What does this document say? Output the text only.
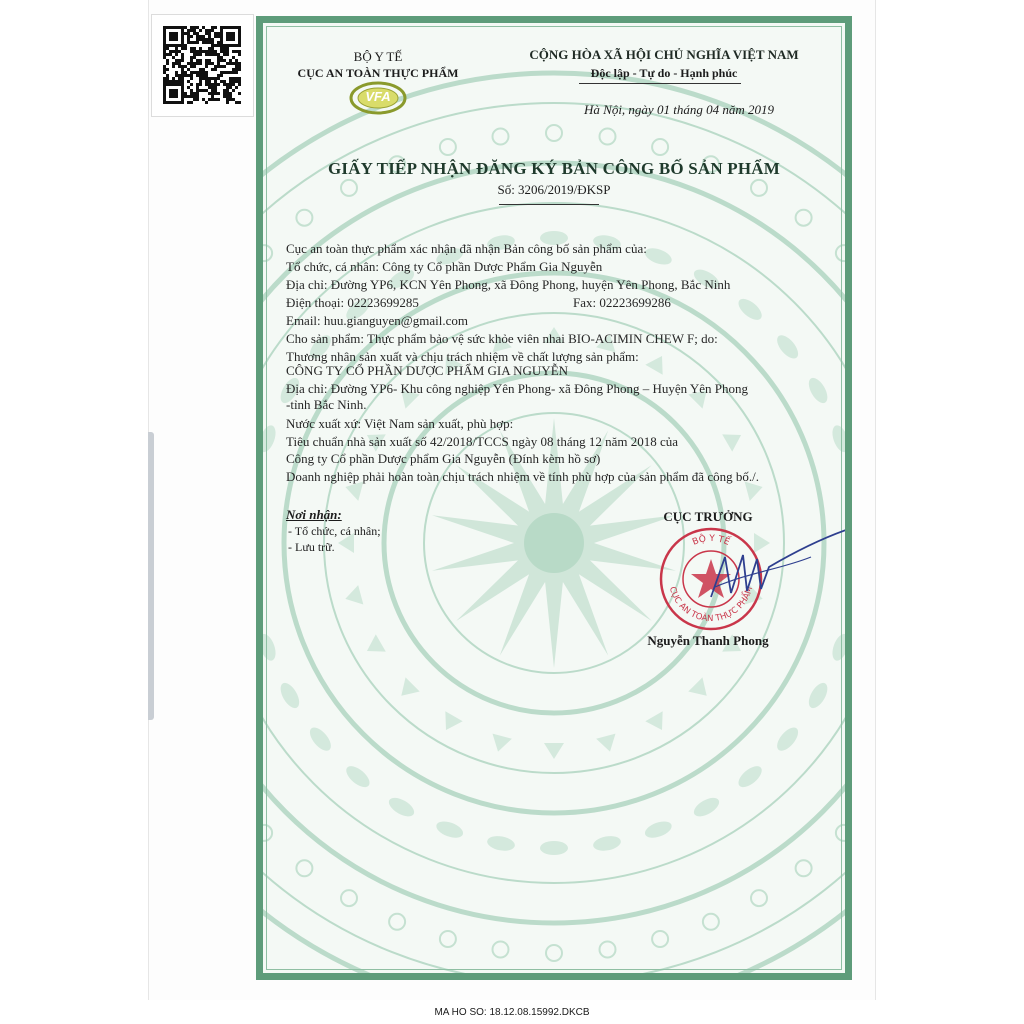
BỘ Y TẾ
CỤC AN TOÀN THỰC PHẨM
VFA
CỘNG HÒA XÃ HỘI CHỦ NGHĨA VIỆT NAM
Độc lập - Tự do - Hạnh phúc
Hà Nội, ngày 01 tháng 04 năm 2019
GIẤY TIẾP NHẬN ĐĂNG KÝ BẢN CÔNG BỐ SẢN PHẨM
Số: 3206/2019/ĐKSP
Cục an toàn thực phẩm xác nhận đã nhận Bản công bố sản phẩm của:
Tổ chức, cá nhân: Công ty Cổ phần Dược Phẩm Gia Nguyễn
Địa chỉ: Đường YP6, KCN Yên Phong, xã Đông Phong, huyện Yên Phong, Bắc Ninh
Điện thoại: 02223699285	Fax: 02223699286
Email: huu.gianguyen@gmail.com
Cho sản phẩm: Thực phẩm bảo vệ sức khỏe viên nhai BIO-ACIMIN CHEW F; do:
Thương nhân sản xuất và chịu trách nhiệm về chất lượng sản phẩm:
CÔNG TY CỔ PHẦN DƯỢC PHẨM GIA NGUYỄN
Địa chỉ: Đường YP6- Khu công nghiệp Yên Phong- xã Đông Phong – Huyện Yên Phong
-tỉnh Bắc Ninh.
Nước xuất xứ: Việt Nam sản xuất, phù hợp:
Tiêu chuẩn nhà sản xuất số 42/2018/TCCS ngày 08 tháng 12 năm 2018 của
Công ty Cổ phần Dược phẩm Gia Nguyễn (Đính kèm hồ sơ)
Doanh nghiệp phải hoàn toàn chịu trách nhiệm về tính phù hợp của sản phẩm đã công bố./.
Nơi nhận:
- Tổ chức, cá nhân;
- Lưu trữ.
CỤC TRƯỞNG
BỘ Y TẾ
CỤC AN TOÀN THỰC PHẨM
Nguyễn Thanh Phong
MA HO SO: 18.12.08.15992.DKCB
